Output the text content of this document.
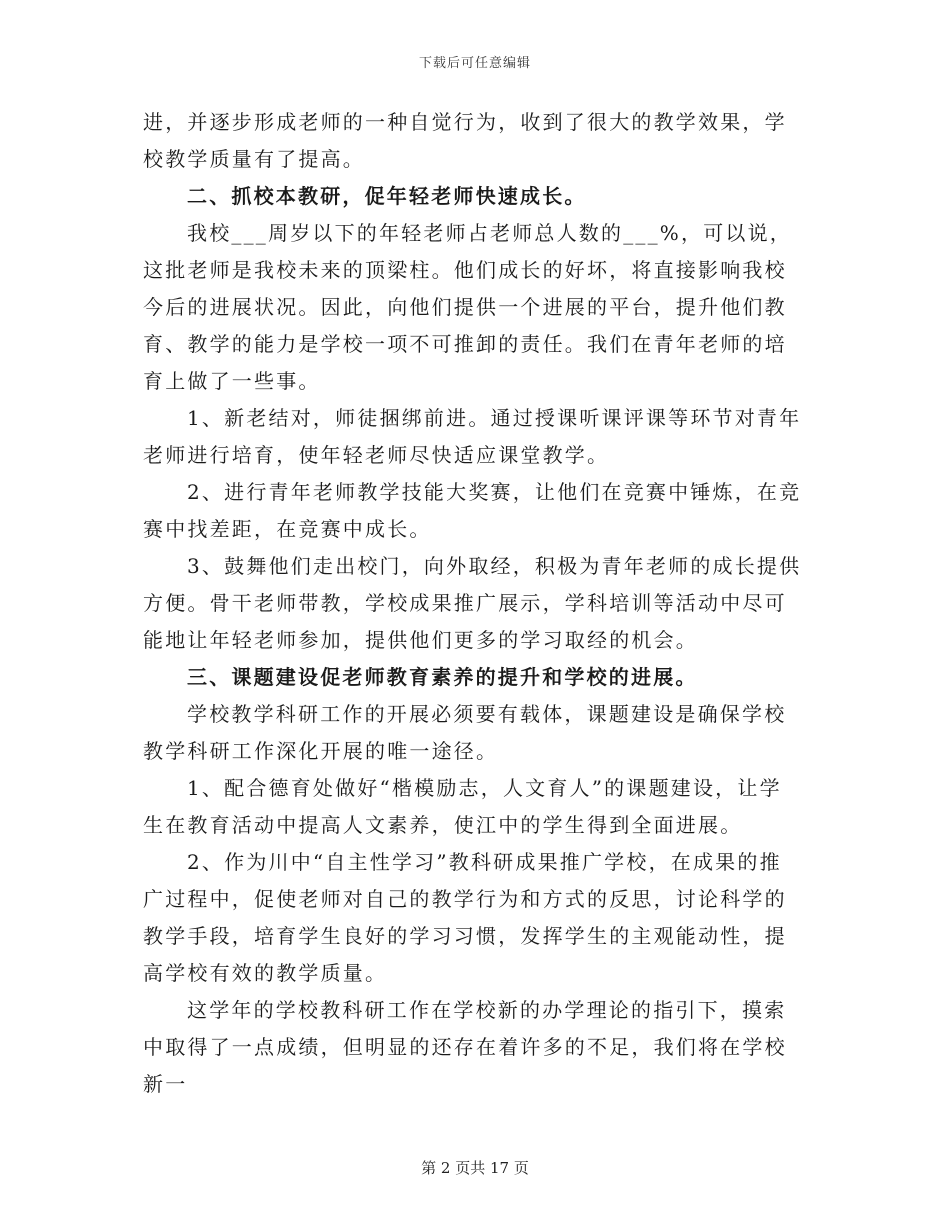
下载后可任意编辑

进，并逐步形成老师的一种自觉行为，收到了很大的教学效果，学校教学质量有了提高。

二、抓校本教研，促年轻老师快速成长。

我校___周岁以下的年轻老师占老师总人数的___%，可以说，这批老师是我校未来的顶梁柱。他们成长的好坏，将直接影响我校今后的进展状况。因此，向他们提供一个进展的平台，提升他们教育、教学的能力是学校一项不可推卸的责任。我们在青年老师的培育上做了一些事。

1、新老结对，师徒捆绑前进。通过授课听课评课等环节对青年老师进行培育，使年轻老师尽快适应课堂教学。

2、进行青年老师教学技能大奖赛，让他们在竞赛中锤炼，在竞赛中找差距，在竞赛中成长。

3、鼓舞他们走出校门，向外取经，积极为青年老师的成长提供方便。骨干老师带教，学校成果推广展示，学科培训等活动中尽可能地让年轻老师参加，提供他们更多的学习取经的机会。

三、课题建设促老师教育素养的提升和学校的进展。

学校教学科研工作的开展必须要有载体，课题建设是确保学校教学科研工作深化开展的唯一途径。

1、配合德育处做好“楷模励志，人文育人”的课题建设，让学生在教育活动中提高人文素养，使江中的学生得到全面进展。

2、作为川中“自主性学习”教科研成果推广学校，在成果的推广过程中，促使老师对自己的教学行为和方式的反思，讨论科学的教学手段，培育学生良好的学习习惯，发挥学生的主观能动性，提高学校有效的教学质量。

这学年的学校教科研工作在学校新的办学理论的指引下，摸索中取得了一点成绩，但明显的还存在着许多的不足，我们将在学校新一

第 2 页共 17 页
